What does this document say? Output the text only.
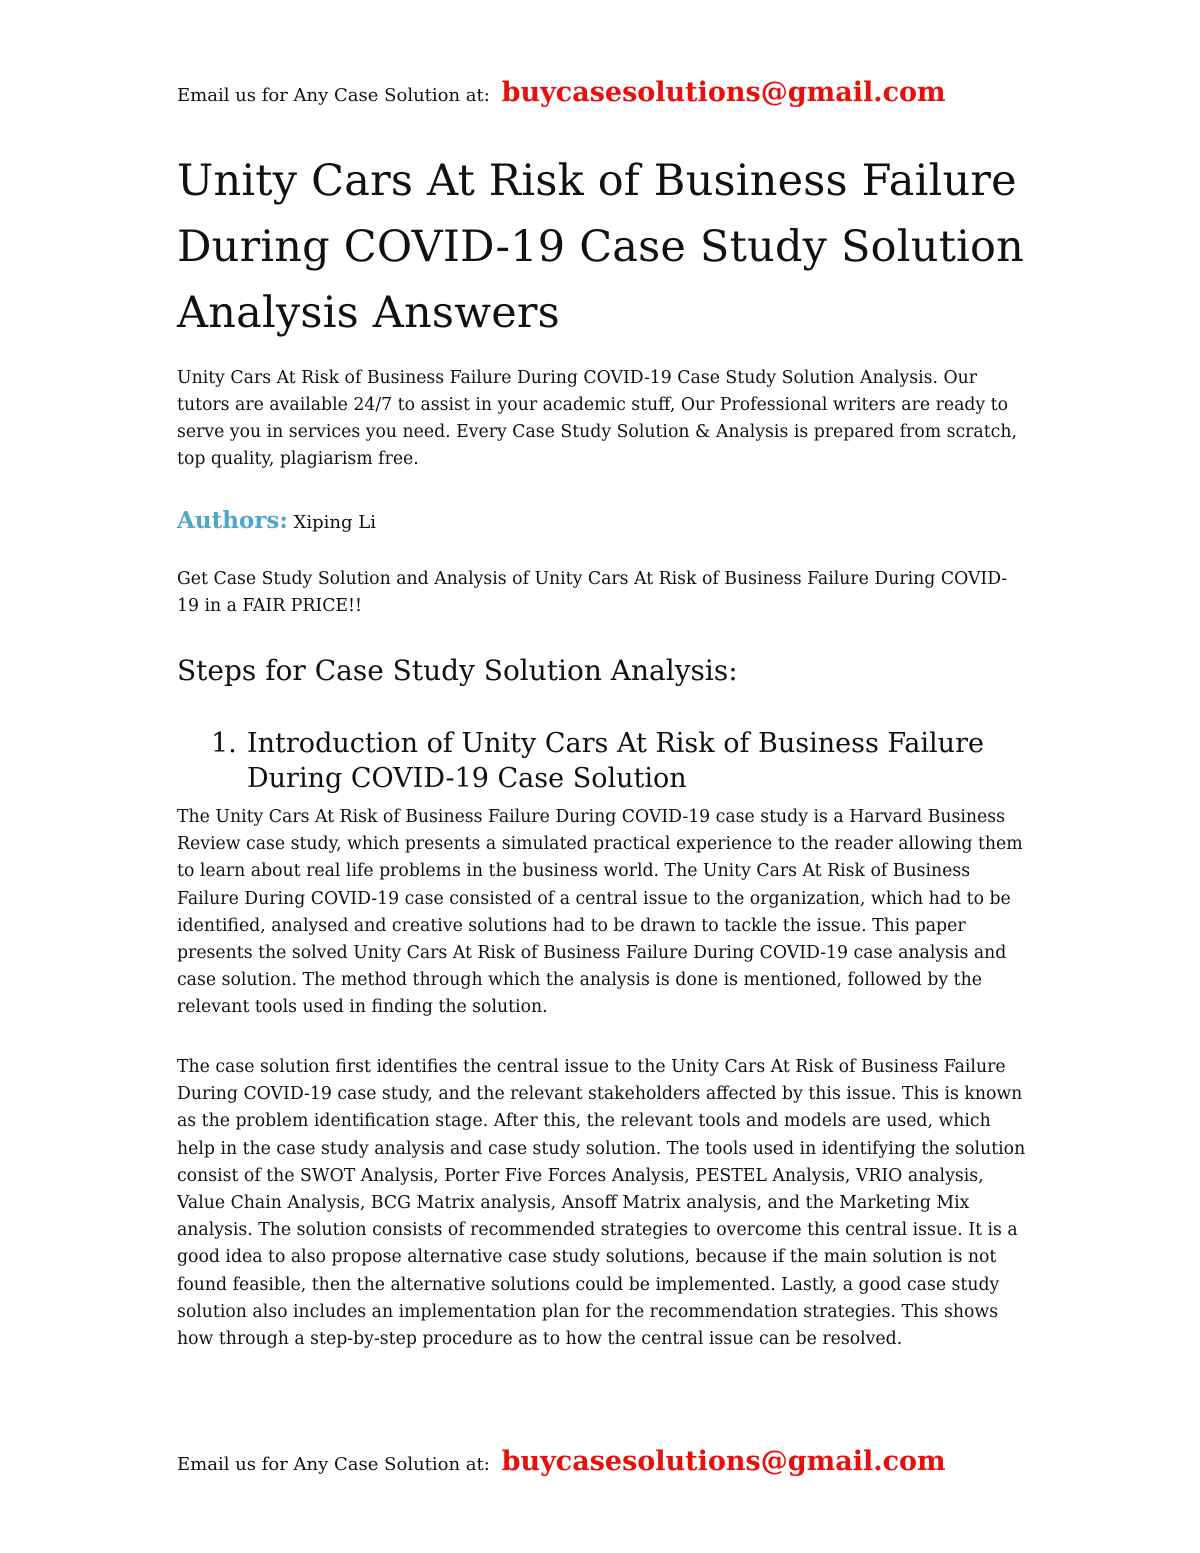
Email us for Any Case Solution at: buycasesolutions@gmail.com
Unity Cars At Risk of Business Failure During COVID-19 Case Study Solution Analysis Answers

Unity Cars At Risk of Business Failure During COVID-19 Case Study Solution Analysis. Our tutors are available 24/7 to assist in your academic stuff, Our Professional writers are ready to serve you in services you need. Every Case Study Solution & Analysis is prepared from scratch, top quality, plagiarism free.

Authors: Xiping Li

Get Case Study Solution and Analysis of Unity Cars At Risk of Business Failure During COVID-19 in a FAIR PRICE!!

Steps for Case Study Solution Analysis:
1. Introduction of Unity Cars At Risk of Business Failure During COVID-19 Case Solution

The Unity Cars At Risk of Business Failure During COVID-19 case study is a Harvard Business Review case study, which presents a simulated practical experience to the reader allowing them to learn about real life problems in the business world. The Unity Cars At Risk of Business Failure During COVID-19 case consisted of a central issue to the organization, which had to be identified, analysed and creative solutions had to be drawn to tackle the issue. This paper presents the solved Unity Cars At Risk of Business Failure During COVID-19 case analysis and case solution. The method through which the analysis is done is mentioned, followed by the relevant tools used in finding the solution.

The case solution first identifies the central issue to the Unity Cars At Risk of Business Failure During COVID-19 case study, and the relevant stakeholders affected by this issue. This is known as the problem identification stage. After this, the relevant tools and models are used, which help in the case study analysis and case study solution. The tools used in identifying the solution consist of the SWOT Analysis, Porter Five Forces Analysis, PESTEL Analysis, VRIO analysis, Value Chain Analysis, BCG Matrix analysis, Ansoff Matrix analysis, and the Marketing Mix analysis. The solution consists of recommended strategies to overcome this central issue. It is a good idea to also propose alternative case study solutions, because if the main solution is not found feasible, then the alternative solutions could be implemented. Lastly, a good case study solution also includes an implementation plan for the recommendation strategies. This shows how through a step-by-step procedure as to how the central issue can be resolved.

Email us for Any Case Solution at: buycasesolutions@gmail.com
